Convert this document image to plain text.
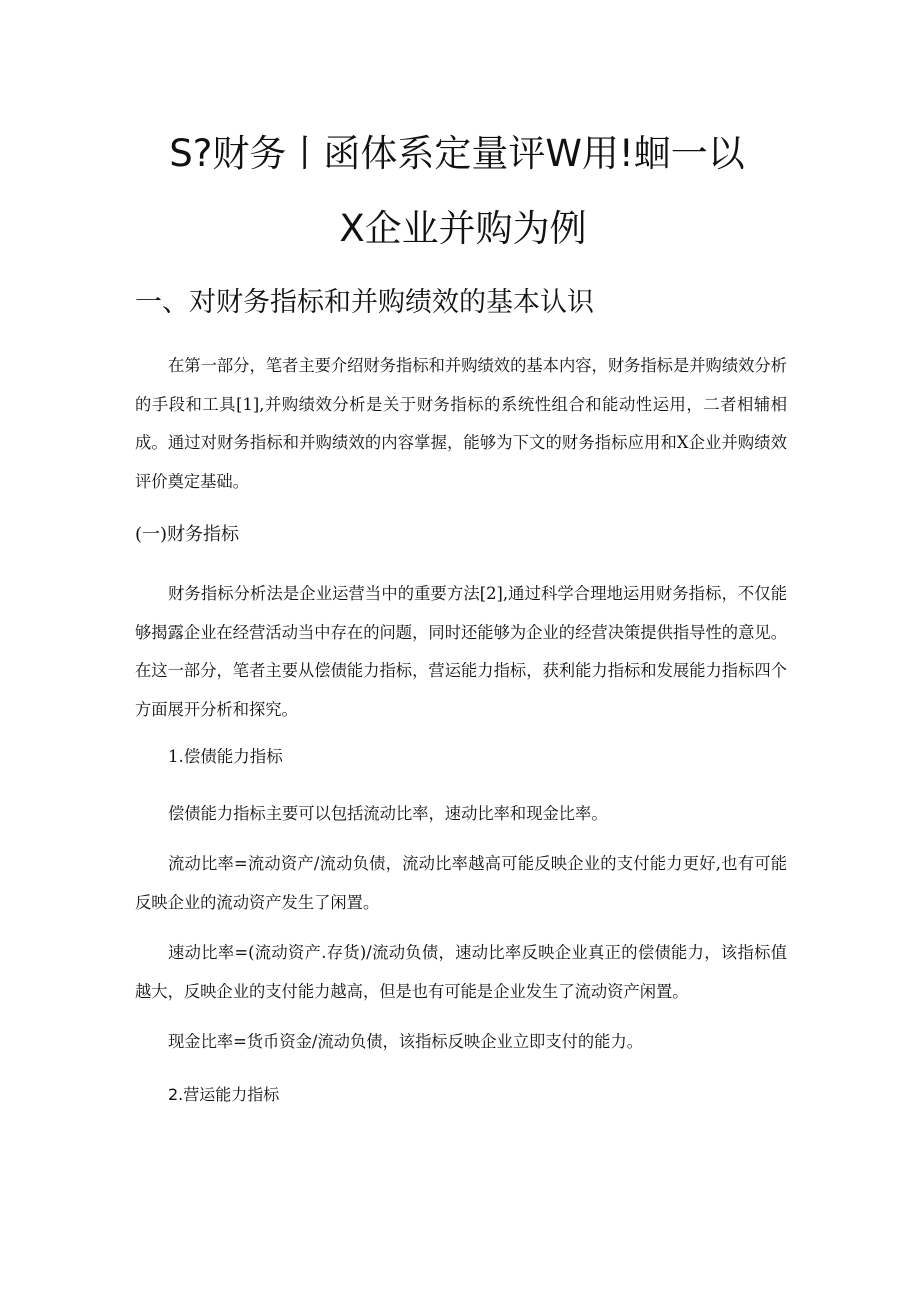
S?财务丨函体系定量评W用!蛔一以
X企业并购为例
一、对财务指标和并购绩效的基本认识

在第一部分，笔者主要介绍财务指标和并购绩效的基本内容，财务指标是并购绩效分析的手段和工具[1],并购绩效分析是关于财务指标的系统性组合和能动性运用，二者相辅相成。通过对财务指标和并购绩效的内容掌握，能够为下文的财务指标应用和X企业并购绩效评价奠定基础。

(一)财务指标

财务指标分析法是企业运营当中的重要方法[2],通过科学合理地运用财务指标，不仅能够揭露企业在经营活动当中存在的问题，同时还能够为企业的经营决策提供指导性的意见。在这一部分，笔者主要从偿债能力指标，营运能力指标，获利能力指标和发展能力指标四个方面展开分析和探究。

1.偿债能力指标

偿债能力指标主要可以包括流动比率，速动比率和现金比率。

流动比率=流动资产/流动负债，流动比率越高可能反映企业的支付能力更好,也有可能反映企业的流动资产发生了闲置。

速动比率=(流动资产.存货)/流动负债，速动比率反映企业真正的偿债能力，该指标值越大，反映企业的支付能力越高，但是也有可能是企业发生了流动资产闲置。

现金比率=货币资金/流动负债，该指标反映企业立即支付的能力。

2.营运能力指标
